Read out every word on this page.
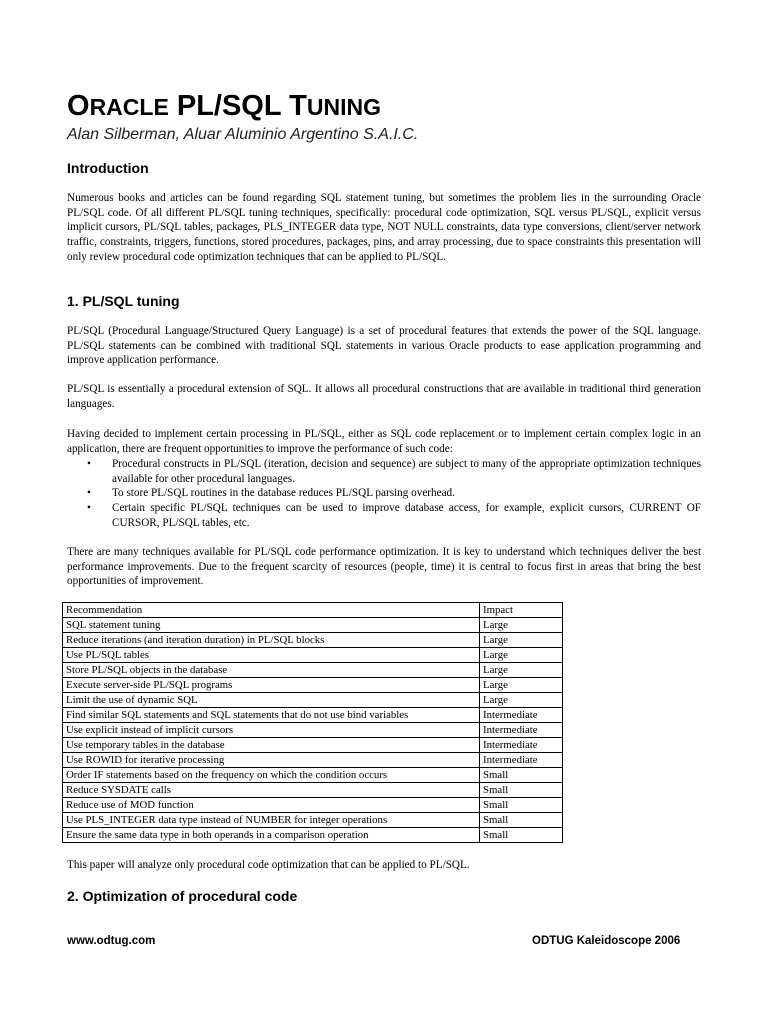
ORACLE PL/SQL TUNING

Alan Silberman, Aluar Aluminio Argentino S.A.I.C.

Introduction

Numerous books and articles can be found regarding SQL statement tuning, but sometimes the problem lies in the surrounding Oracle PL/SQL code. Of all different PL/SQL tuning techniques, specifically: procedural code optimization, SQL versus PL/SQL, explicit versus implicit cursors, PL/SQL tables, packages, PLS_INTEGER data type, NOT NULL constraints, data type conversions, client/server network traffic, constraints, triggers, functions, stored procedures, packages, pins, and array processing, due to space constraints this presentation will only review procedural code optimization techniques that can be applied to PL/SQL.

1. PL/SQL tuning

PL/SQL (Procedural Language/Structured Query Language) is a set of procedural features that extends the power of the SQL language. PL/SQL statements can be combined with traditional SQL statements in various Oracle products to ease application programming and improve application performance.

PL/SQL is essentially a procedural extension of SQL. It allows all procedural constructions that are available in traditional third generation languages.

Having decided to implement certain processing in PL/SQL, either as SQL code replacement or to implement certain complex logic in an application, there are frequent opportunities to improve the performance of such code:

• Procedural constructs in PL/SQL (iteration, decision and sequence) are subject to many of the appropriate optimization techniques available for other procedural languages.
• To store PL/SQL routines in the database reduces PL/SQL parsing overhead.
• Certain specific PL/SQL techniques can be used to improve database access, for example, explicit cursors, CURRENT OF CURSOR, PL/SQL tables, etc.

There are many techniques available for PL/SQL code performance optimization. It is key to understand which techniques deliver the best performance improvements. Due to the frequent scarcity of resources (people, time) it is central to focus first in areas that bring the best opportunities of improvement.

Recommendation	Impact
SQL statement tuning	Large
Reduce iterations (and iteration duration) in PL/SQL blocks	Large
Use PL/SQL tables	Large
Store PL/SQL objects in the database	Large
Execute server-side PL/SQL programs	Large
Limit the use of dynamic SQL	Large
Find similar SQL statements and SQL statements that do not use bind variables	Intermediate
Use explicit instead of implicit cursors	Intermediate
Use temporary tables in the database	Intermediate
Use ROWID for iterative processing	Intermediate
Order IF statements based on the frequency on which the condition occurs	Small
Reduce SYSDATE calls	Small
Reduce use of MOD function	Small
Use PLS_INTEGER data type instead of NUMBER for integer operations	Small
Ensure the same data type in both operands in a comparison operation	Small

This paper will analyze only procedural code optimization that can be applied to PL/SQL.

2. Optimization of procedural code

www.odtug.com	ODTUG Kaleidoscope 2006
